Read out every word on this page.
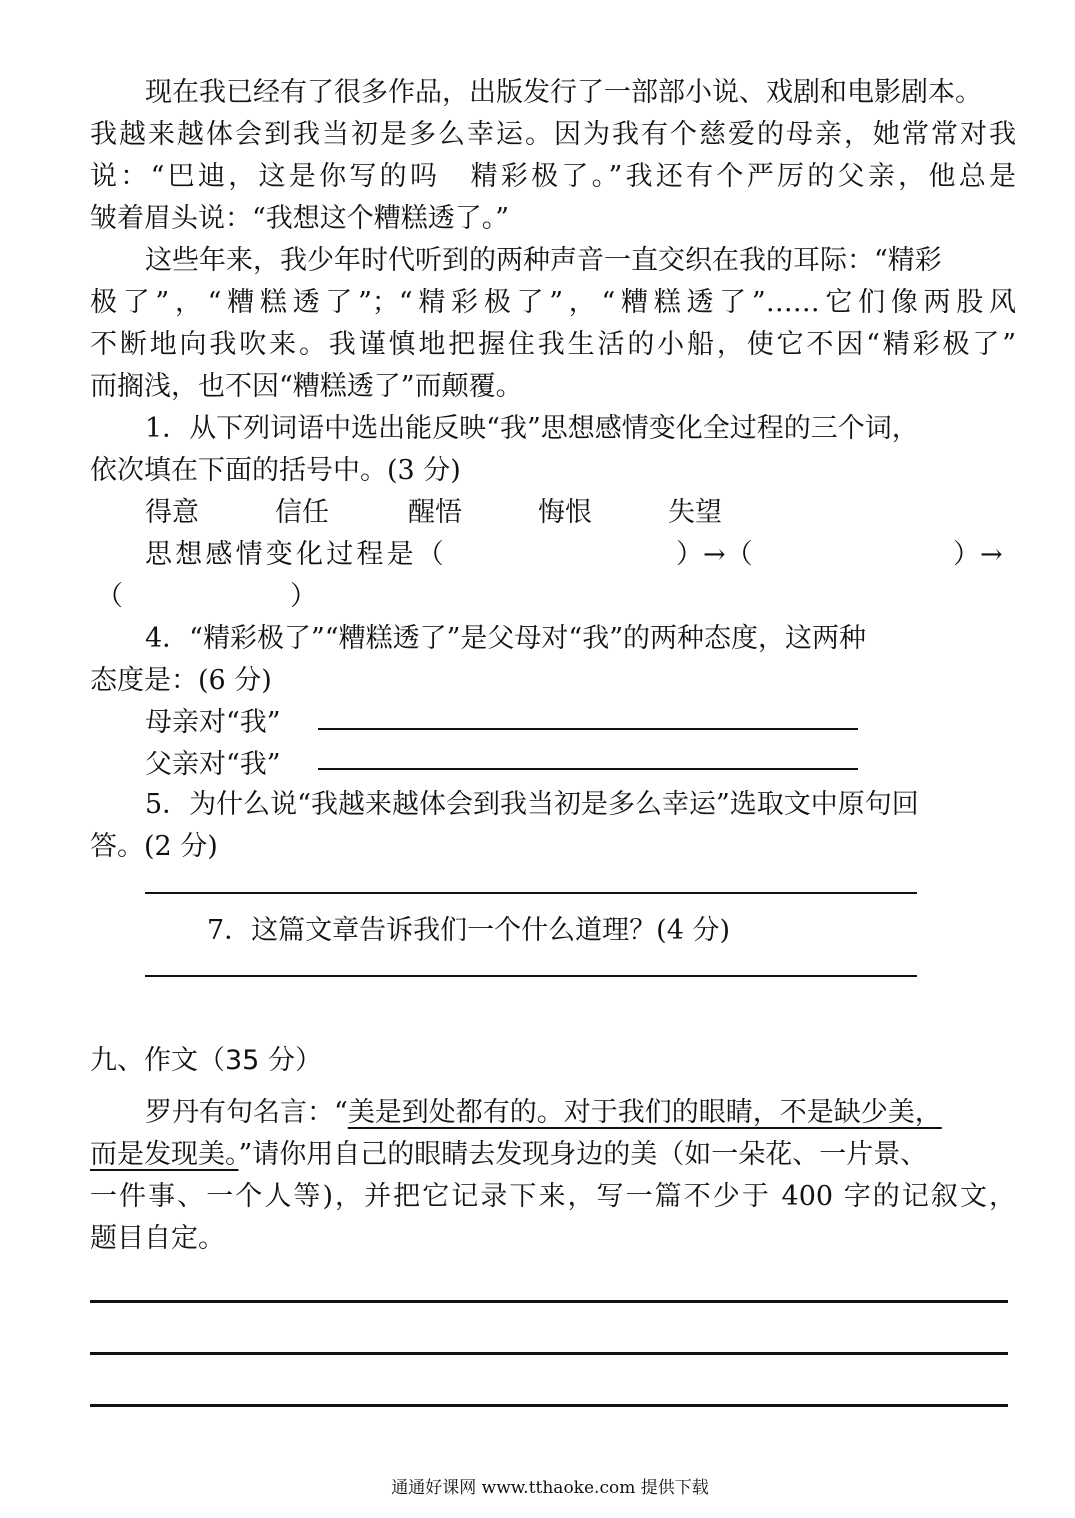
现在我已经有了很多作品，出版发行了一部部小说、戏剧和电影剧本。
我越来越体会到我当初是多么幸运。因为我有个慈爱的母亲，她常常对我
说：“巴迪，这是你写的吗　精彩极了。”我还有个严厉的父亲，他总是
皱着眉头说：“我想这个糟糕透了。”
这些年来，我少年时代听到的两种声音一直交织在我的耳际：“精彩
极了”，“糟糕透了”；“精彩极了”，“糟糕透了”……它们像两股风
不断地向我吹来。我谨慎地把握住我生活的小船，使它不因“精彩极了”
而搁浅，也不因“糟糕透了”而颠覆。
1．从下列词语中选出能反映“我”思想感情变化全过程的三个词，
依次填在下面的括号中。(3 分)
得意	信任	醒悟	悔恨	失望
思想感情变化过程是（	）→（	）→
（	）
4．“精彩极了”“糟糕透了”是父母对“我”的两种态度，这两种
态度是：(6 分)
母亲对“我”
父亲对“我”
5．为什么说“我越来越体会到我当初是多么幸运”选取文中原句回
答。(2 分)
7．这篇文章告诉我们一个什么道理？(4 分)
九、作文（35 分）
罗丹有句名言：“美是到处都有的。对于我们的眼睛，不是缺少美，
而是发现美。”请你用自己的眼睛去发现身边的美（如一朵花、一片景、
一件事、一个人等)，并把它记录下来，写一篇不少于 400 字的记叙文，
题目自定。
通通好课网 www.tthaoke.com 提供下载
